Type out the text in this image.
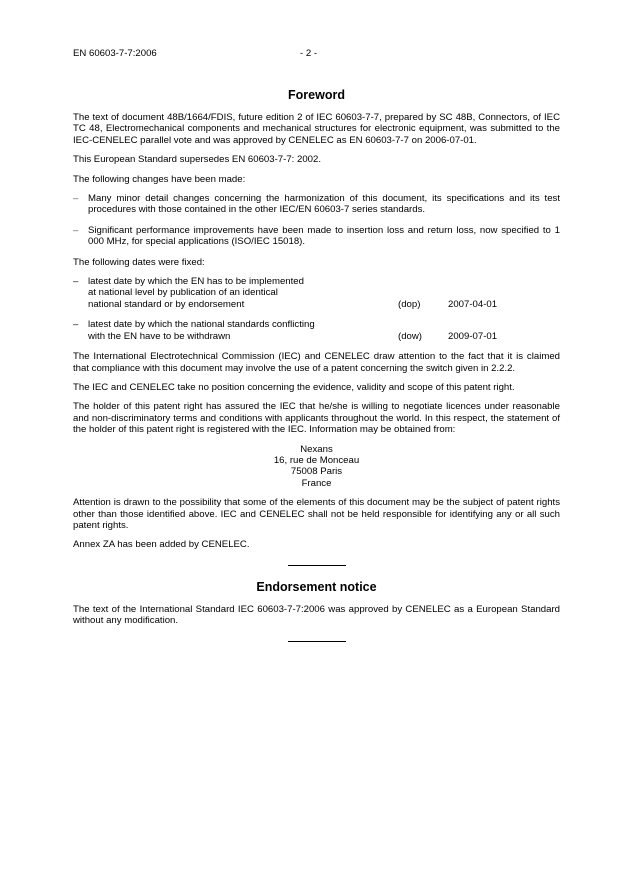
EN 60603-7-7:2006	- 2 -
Foreword

The text of document 48B/1664/FDIS, future edition 2 of IEC 60603-7-7, prepared by SC 48B, Connectors, of IEC TC 48, Electromechanical components and mechanical structures for electronic equipment, was submitted to the IEC-CENELEC parallel vote and was approved by CENELEC as EN 60603-7-7 on 2006-07-01.

This European Standard supersedes EN 60603-7-7: 2002.

The following changes have been made:

– Many minor detail changes concerning the harmonization of this document, its specifications and its test procedures with those contained in the other IEC/EN 60603-7 series standards.
– Significant performance improvements have been made to insertion loss and return loss, now specified to 1 000 MHz, for special applications (ISO/IEC 15018).

The following dates were fixed:

– latest date by which the EN has to be implemented
at national level by publication of an identical
national standard or by endorsement	(dop)	2007-04-01
– latest date by which the national standards conflicting
with the EN have to be withdrawn	(dow)	2009-07-01

The International Electrotechnical Commission (IEC) and CENELEC draw attention to the fact that it is claimed that compliance with this document may involve the use of a patent concerning the switch given in 2.2.2.

The IEC and CENELEC take no position concerning the evidence, validity and scope of this patent right.

The holder of this patent right has assured the IEC that he/she is willing to negotiate licences under reasonable and non-discriminatory terms and conditions with applicants throughout the world. In this respect, the statement of the holder of this patent right is registered with the IEC. Information may be obtained from:

Nexans
16, rue de Monceau
75008 Paris
France

Attention is drawn to the possibility that some of the elements of this document may be the subject of patent rights other than those identified above. IEC and CENELEC shall not be held responsible for identifying any or all such patent rights.

Annex ZA has been added by CENELEC.

Endorsement notice

The text of the International Standard IEC 60603-7-7:2006 was approved by CENELEC as a European Standard without any modification.
